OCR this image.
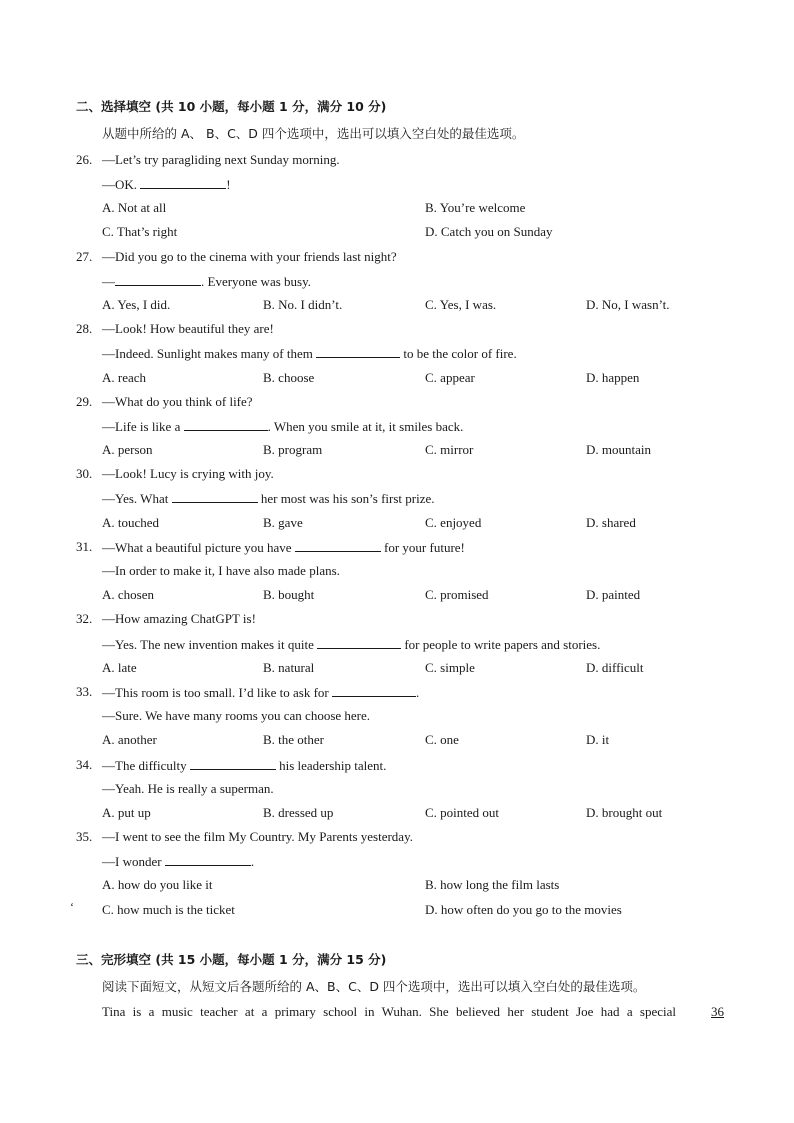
二、选择填空 (共 10 小题，每小题 1 分，满分 10 分)
从题中所给的 A、 B、C、D 四个选项中，选出可以填入空白处的最佳选项。
26. —Let’s try paragliding next Sunday morning.
—OK.	!
A. Not at all	B. You’re welcome
C. That’s right	D. Catch you on Sunday
27. —Did you go to the cinema with your friends last night?
—	. Everyone was busy.
A. Yes, I did.	B. No. I didn’t.	C. Yes, I was.	D. No, I wasn’t.
28. —Look! How beautiful they are!
—Indeed. Sunlight makes many of them	to be the color of fire.
A. reach	B. choose	C. appear	D. happen
29. —What do you think of life?
—Life is like a	. When you smile at it, it smiles back.
A. person	B. program	C. mirror	D. mountain
30. —Look! Lucy is crying with joy.
—Yes. What	her most was his son’s first prize.
A. touched	B. gave	C. enjoyed	D. shared
31. —What a beautiful picture you have	for your future!
—In order to make it, I have also made plans.
A. chosen	B. bought	C. promised	D. painted
32. —How amazing ChatGPT is!
—Yes. The new invention makes it quite	for people to write papers and stories.
A. late	B. natural	C. simple	D. difficult
33. —This room is too small. I’d like to ask for	.
—Sure. We have many rooms you can choose here.
A. another	B. the other	C. one	D. it
34. —The difficulty	his leadership talent.
—Yeah. He is really a superman.
A. put up	B. dressed up	C. pointed out	D. brought out
35. —I went to see the film My Country. My Parents yesterday.
—I wonder	.
A. how do you like it	B. how long the film lasts
‘ C. how much is the ticket	D. how often do you go to the movies
三、完形填空 (共 15 小题，每小题 1 分，满分 15 分)
阅读下面短文，从短文后各题所给的 A、B、C、D 四个选项中，选出可以填入空白处的最佳选项。
Tina is a music teacher at a primary school in Wuhan. She believed her student Joe had a special	36
